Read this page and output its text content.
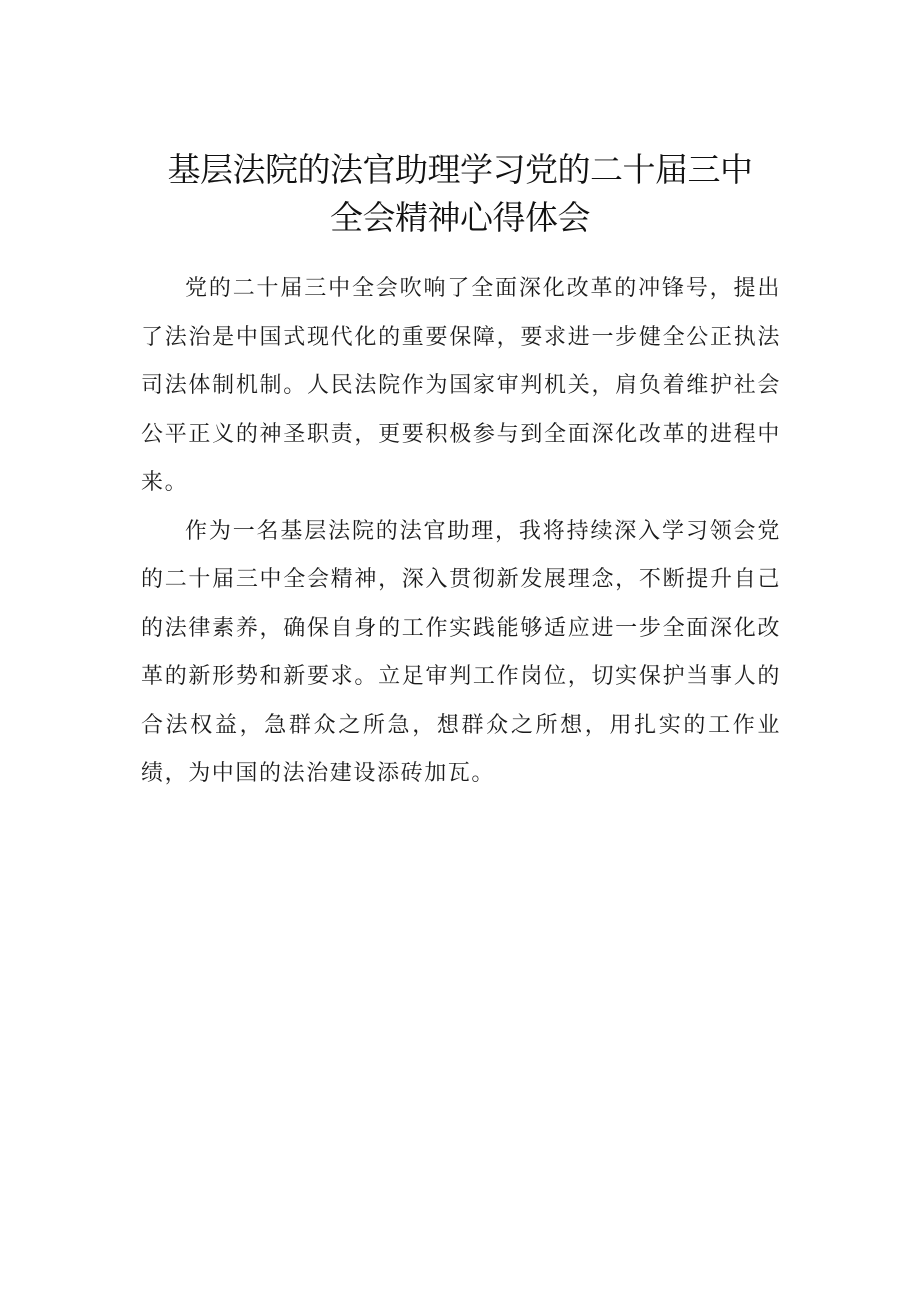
基层法院的法官助理学习党的二十届三中
全会精神心得体会

党的二十届三中全会吹响了全面深化改革的冲锋号，提出了法治是中国式现代化的重要保障，要求进一步健全公正执法司法体制机制。人民法院作为国家审判机关，肩负着维护社会公平正义的神圣职责，更要积极参与到全面深化改革的进程中来。

作为一名基层法院的法官助理，我将持续深入学习领会党的二十届三中全会精神，深入贯彻新发展理念，不断提升自己的法律素养，确保自身的工作实践能够适应进一步全面深化改革的新形势和新要求。立足审判工作岗位，切实保护当事人的合法权益，急群众之所急，想群众之所想，用扎实的工作业绩，为中国的法治建设添砖加瓦。
